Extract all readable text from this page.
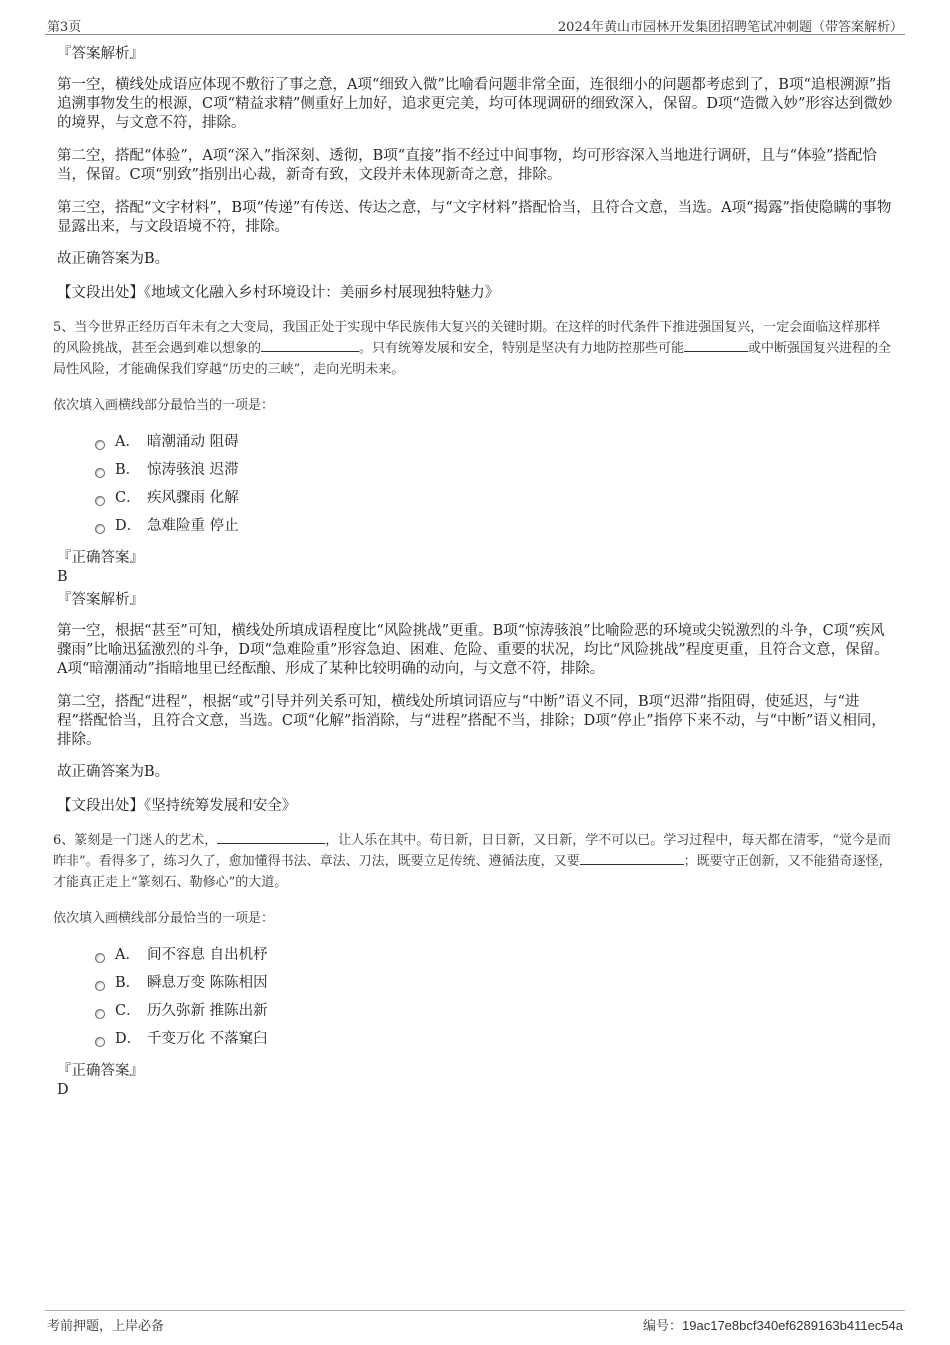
第3页	2024年黄山市园林开发集团招聘笔试冲刺题（带答案解析）

『答案解析』

第一空，横线处成语应体现不敷衍了事之意，A项“细致入微”比喻看问题非常全面，连很细小的问题都考虑到了，B项“追根溯源”指追溯事物发生的根源，C项“精益求精”侧重好上加好，追求更完美，均可体现调研的细致深入，保留。D项“造微入妙”形容达到微妙的境界，与文意不符，排除。

第二空，搭配“体验”，A项“深入”指深刻、透彻，B项“直接”指不经过中间事物，均可形容深入当地进行调研，且与“体验”搭配恰当，保留。C项“别致”指别出心裁，新奇有致，文段并未体现新奇之意，排除。

第三空，搭配“文字材料”，B项“传递”有传送、传达之意，与“文字材料”搭配恰当，且符合文意，当选。A项“揭露”指使隐瞒的事物显露出来，与文段语境不符，排除。

故正确答案为B。

【文段出处】《地域文化融入乡村环境设计：美丽乡村展现独特魅力》

5、当今世界正经历百年未有之大变局，我国正处于实现中华民族伟大复兴的关键时期。在这样的时代条件下推进强国复兴，一定会面临这样那样的风险挑战，甚至会遇到难以想象的	。只有统筹发展和安全，特别是坚决有力地防控那些可能	或中断强国复兴进程的全局性风险，才能确保我们穿越“历史的三峡”，走向光明未来。

依次填入画横线部分最恰当的一项是：

A． 暗潮涌动 阻碍
B． 惊涛骇浪 迟滞
C． 疾风骤雨 化解
D． 急难险重 停止

『正确答案』

B

『答案解析』

第一空，根据“甚至”可知，横线处所填成语程度比“风险挑战”更重。B项“惊涛骇浪”比喻险恶的环境或尖锐激烈的斗争，C项“疾风骤雨”比喻迅猛激烈的斗争，D项“急难险重”形容急迫、困难、危险、重要的状况，均比“风险挑战”程度更重，且符合文意，保留。A项“暗潮涌动”指暗地里已经酝酿、形成了某种比较明确的动向，与文意不符，排除。

第二空，搭配“进程”，根据“或”引导并列关系可知，横线处所填词语应与“中断”语义不同，B项“迟滞”指阻碍，使延迟，与“进程”搭配恰当，且符合文意，当选。C项“化解”指消除，与“进程”搭配不当，排除；D项“停止”指停下来不动，与“中断”语义相同，排除。

故正确答案为B。

【文段出处】《坚持统筹发展和安全》

6、篆刻是一门迷人的艺术，	，让人乐在其中。苟日新，日日新，又日新，学不可以已。学习过程中，每天都在清零，“觉今是而昨非”。看得多了，练习久了，愈加懂得书法、章法、刀法，既要立足传统、遵循法度，又要	；既要守正创新，又不能猎奇逐怪，才能真正走上“篆刻石、勒修心”的大道。

依次填入画横线部分最恰当的一项是：

A． 间不容息 自出机杼
B． 瞬息万变 陈陈相因
C． 历久弥新 推陈出新
D． 千变万化 不落窠臼

『正确答案』

D

考前押题，上岸必备	编号：19ac17e8bcf340ef6289163b411ec54a
